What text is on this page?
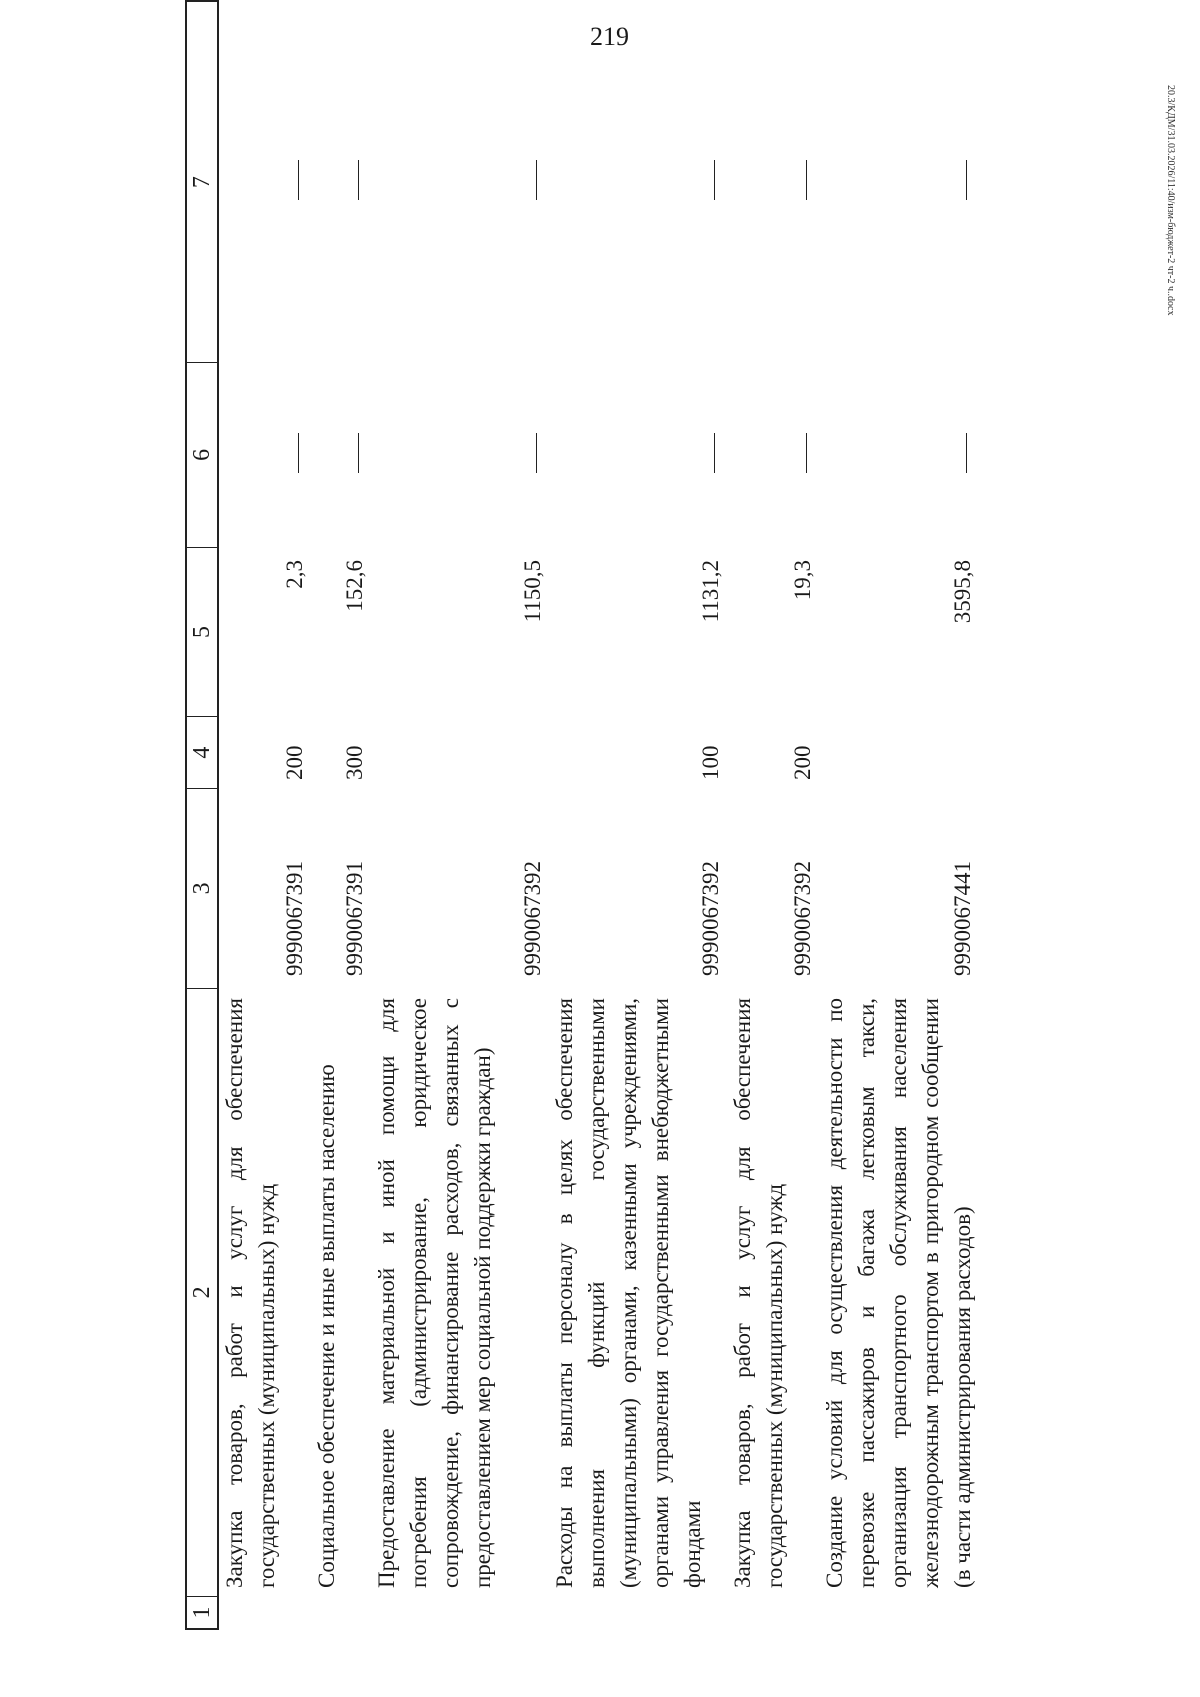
219
20.3/КДМ/31.03.2026/11:40/изм-бюджет-2 чт-2 ч..docx
1
2
3
4
5
6
7
Закупка товаров, работ и услуг для обеспечения государственных (муниципальных) нужд
9990067391
200
2,3
Социальное обеспечение и иные выплаты населению
9990067391
300
152,6
Предоставление материальной и иной помощи для погребения (администрирование, юридическое сопровождение, финансирование расходов, связанных с предоставлением мер социальной поддержки граждан)
9990067392
1150,5
Расходы на выплаты персоналу в целях обеспечения выполнения функций государственными (муниципальными) органами, казенными учреждениями, органами управления государственными внебюджетными фондами
9990067392
100
1131,2
Закупка товаров, работ и услуг для обеспечения государственных (муниципальных) нужд
9990067392
200
19,3
Создание условий для осуществления деятельности по перевозке пассажиров и багажа легковым такси, организация транспортного обслуживания населения железнодорожным транспортом в пригородном сообщении (в части администрирования расходов)
9990067441
3595,8
